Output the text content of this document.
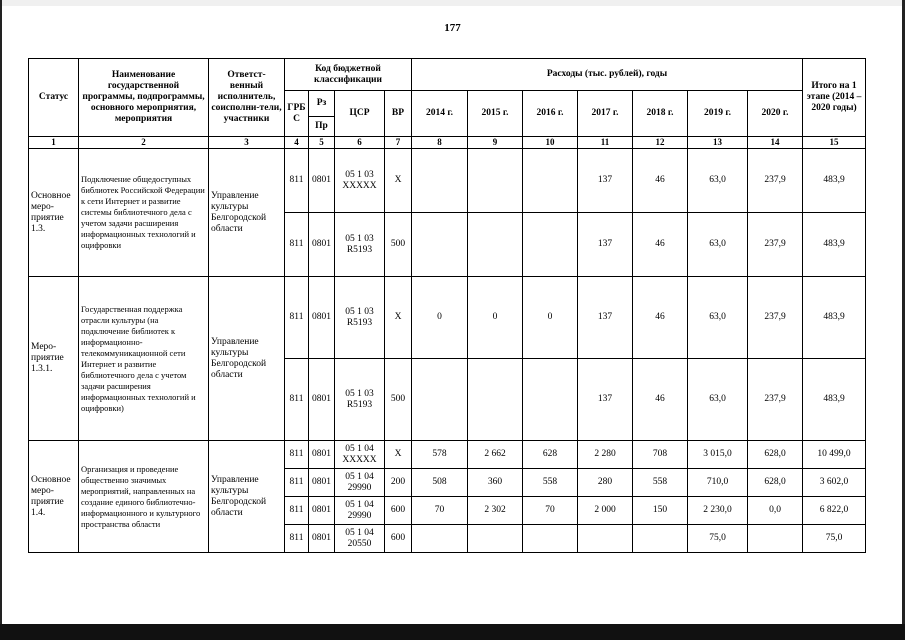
177
Статус	Наименование государственной программы, подпрограммы, основного мероприятия, мероприятия	Ответст-венный исполнитель, соисполни-тели, участники	Код бюджетной классификации				Расходы (тыс. рублей), годы							Итого на 1 этапе (2014 – 2020 годы)
			ГРБ С	Рз	ЦСР	ВР	2014 г.	2015 г.	2016 г.	2017 г.	2018 г.	2019 г.	2020 г.	
				Пр										
1	2	3	4	5	6	7	8	9	10	11	12	13	14	15
Основное меро-приятие 1.3.	Подключение общедоступных библиотек Российской Федерации к сети Интернет и развитие системы библиотечного дела с учетом задачи расширения информационных технологий и оцифровки	Управление культуры Белгородской области	811	0801	05 1 03 XXXXX	X				137	46	63,0	237,9	483,9
			811	0801	05 1 03 R5193	500				137	46	63,0	237,9	483,9
Меро-приятие 1.3.1.	Государственная поддержка отрасли культуры (на подключение библиотек к информационно-телекоммуникационной сети Интернет и развитие библиотечного дела с учетом задачи расширения информационных технологий и оцифровки)	Управление культуры Белгородской области	811	0801	05 1 03 R5193	X	0	0	0	137	46	63,0	237,9	483,9
			811	0801	05 1 03 R5193	500				137	46	63,0	237,9	483,9
Основное меро-приятие 1.4.	Организация и проведение общественно значимых мероприятий, направленных на создание единого библиотечно-информационного и культурного пространства области	Управление культуры Белгородской области	811	0801	05 1 04 XXXXX	X	578	2 662	628	2 280	708	3 015,0	628,0	10 499,0
			811	0801	05 1 04 29990	200	508	360	558	280	558	710,0	628,0	3 602,0
			811	0801	05 1 04 29990	600	70	2 302	70	2 000	150	2 230,0	0,0	6 822,0
			811	0801	05 1 04 20550	600						75,0		75,0
